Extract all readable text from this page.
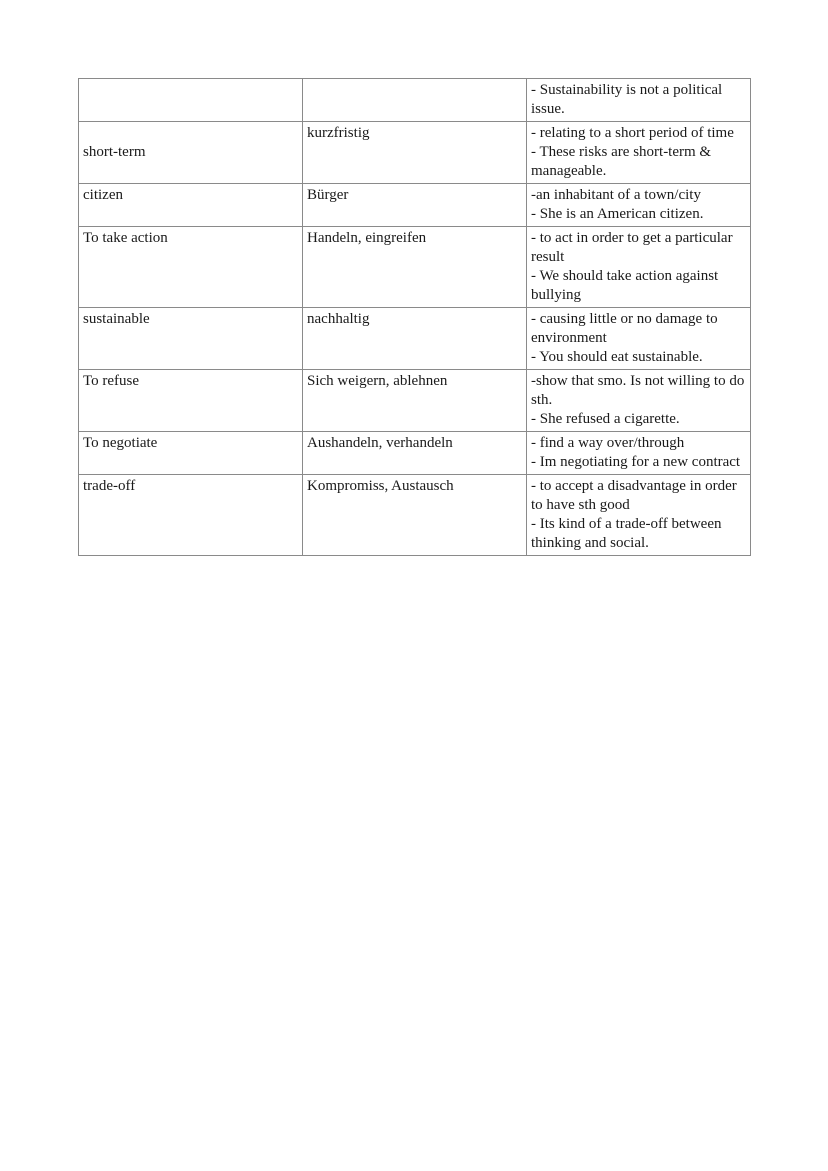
		- Sustainability is not a political issue.

short-term	kurzfristig	- relating to a short period of time
- These risks are short-term & manageable.

citizen	Bürger	-an inhabitant of a town/city
- She is an American citizen.

To take action	Handeln, eingreifen	- to act in order to get a particular result
- We should take action against bullying

sustainable	nachhaltig	- causing little or no damage to environment
- You should eat sustainable.

To refuse	Sich weigern, ablehnen	-show that smo. Is not willing to do sth.
- She refused a cigarette.

To negotiate	Aushandeln, verhandeln	- find a way over/through
- Im negotiating for a new contract

trade-off	Kompromiss, Austausch	- to accept a disadvantage in order to have sth good
- Its kind of a trade-off between thinking and social.
